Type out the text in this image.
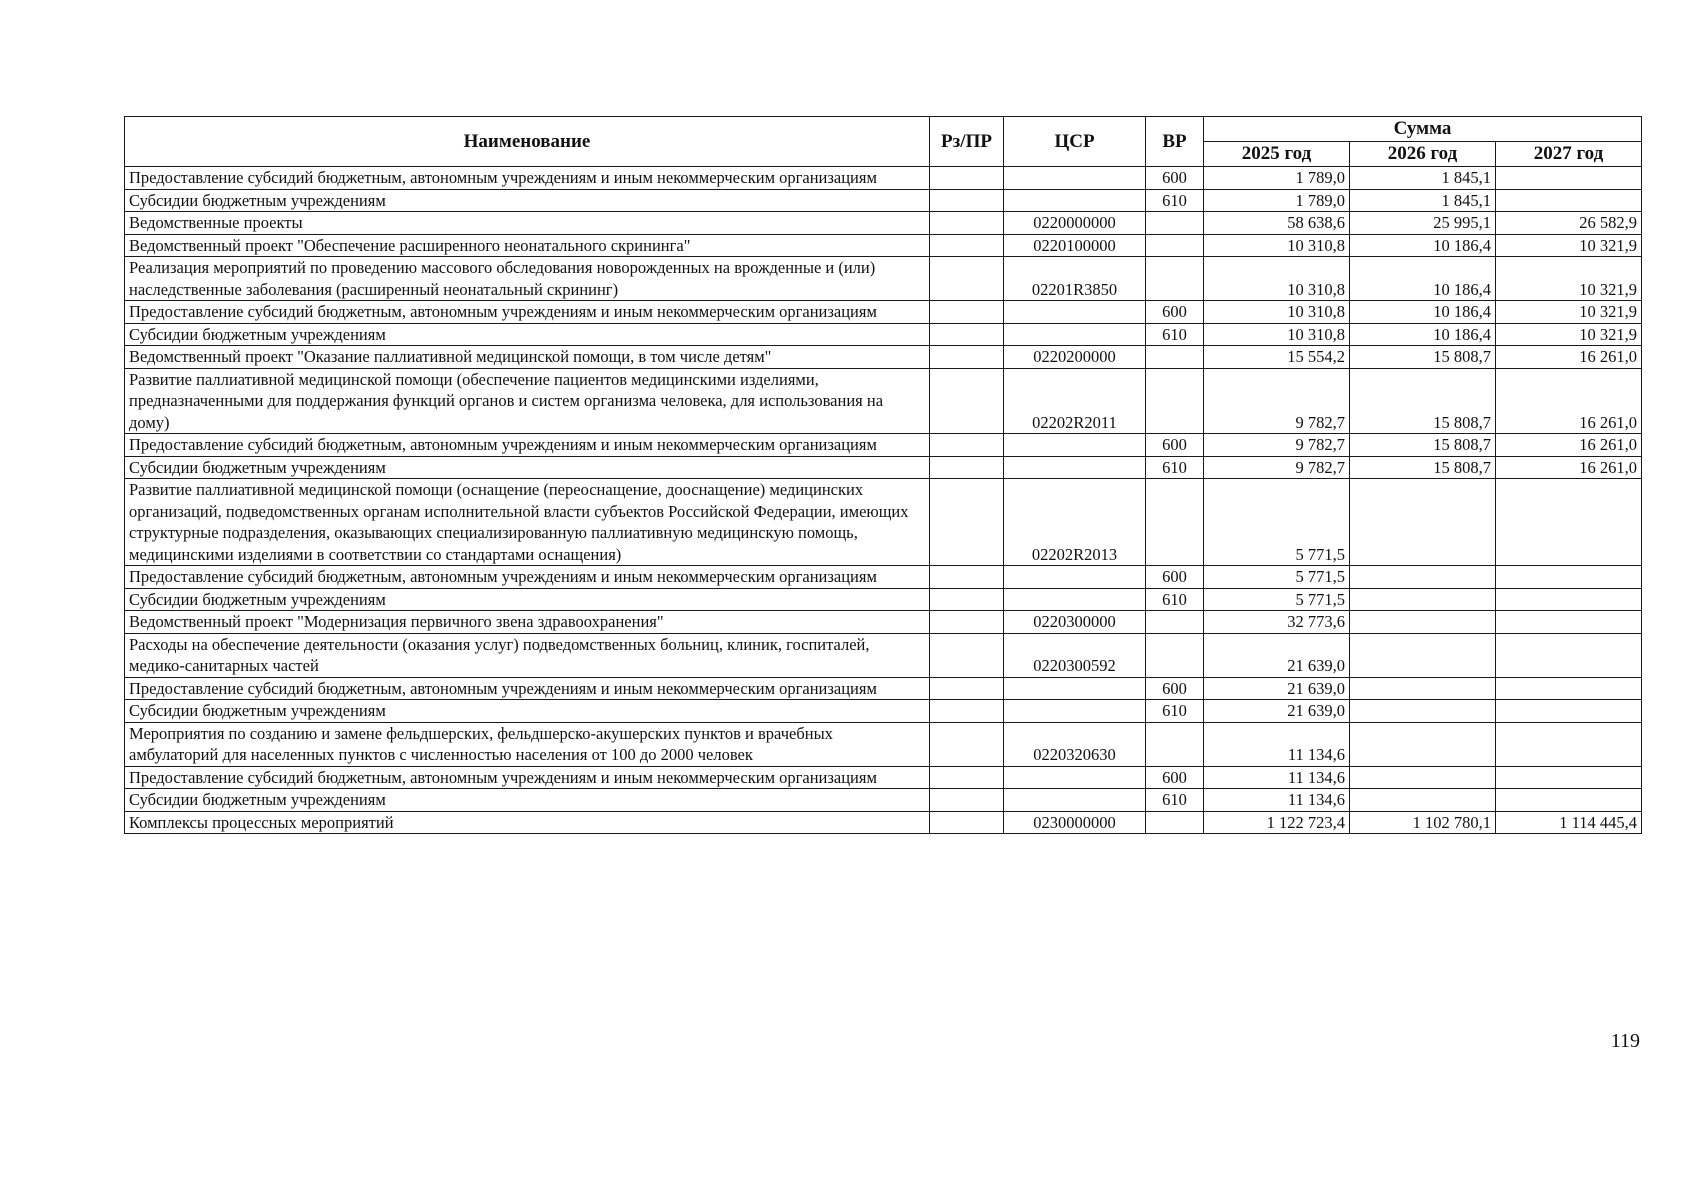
Наименование	Рз/ПР	ЦСР	ВР	Сумма		
				2025 год	2026 год	2027 год
Предоставление субсидий бюджетным, автономным учреждениям и иным некоммерческим организациям			600	1 789,0	1 845,1	
Субсидии бюджетным учреждениям			610	1 789,0	1 845,1	
Ведомственные проекты		0220000000		58 638,6	25 995,1	26 582,9
Ведомственный проект "Обеспечение расширенного неонатального скрининга"		0220100000		10 310,8	10 186,4	10 321,9
Реализация мероприятий по проведению массового обследования новорожденных на врожденные и (или) наследственные заболевания (расширенный неонатальный скрининг)		02201R3850		10 310,8	10 186,4	10 321,9
Предоставление субсидий бюджетным, автономным учреждениям и иным некоммерческим организациям			600	10 310,8	10 186,4	10 321,9
Субсидии бюджетным учреждениям			610	10 310,8	10 186,4	10 321,9
Ведомственный проект "Оказание паллиативной медицинской помощи, в том числе детям"		0220200000		15 554,2	15 808,7	16 261,0
Развитие паллиативной медицинской помощи (обеспечение пациентов медицинскими изделиями, предназначенными для поддержания функций органов и систем организма человека, для использования на дому)		02202R2011		9 782,7	15 808,7	16 261,0
Предоставление субсидий бюджетным, автономным учреждениям и иным некоммерческим организациям			600	9 782,7	15 808,7	16 261,0
Субсидии бюджетным учреждениям			610	9 782,7	15 808,7	16 261,0
Развитие паллиативной медицинской помощи (оснащение (переоснащение, дооснащение) медицинских организаций, подведомственных органам исполнительной власти субъектов Российской Федерации, имеющих структурные подразделения, оказывающих специализированную паллиативную медицинскую помощь, медицинскими изделиями в соответствии со стандартами оснащения)		02202R2013		5 771,5		
Предоставление субсидий бюджетным, автономным учреждениям и иным некоммерческим организациям			600	5 771,5		
Субсидии бюджетным учреждениям			610	5 771,5		
Ведомственный проект "Модернизация первичного звена здравоохранения"		0220300000		32 773,6		
Расходы на обеспечение деятельности (оказания услуг) подведомственных больниц, клиник, госпиталей, медико-санитарных частей		0220300592		21 639,0		
Предоставление субсидий бюджетным, автономным учреждениям и иным некоммерческим организациям			600	21 639,0		
Субсидии бюджетным учреждениям			610	21 639,0		
Мероприятия по созданию и замене фельдшерских, фельдшерско-акушерских пунктов и врачебных амбулаторий для населенных пунктов с численностью населения от 100 до 2000 человек		0220320630		11 134,6		
Предоставление субсидий бюджетным, автономным учреждениям и иным некоммерческим организациям			600	11 134,6		
Субсидии бюджетным учреждениям			610	11 134,6		
Комплексы процессных мероприятий		0230000000		1 122 723,4	1 102 780,1	1 114 445,4
119
